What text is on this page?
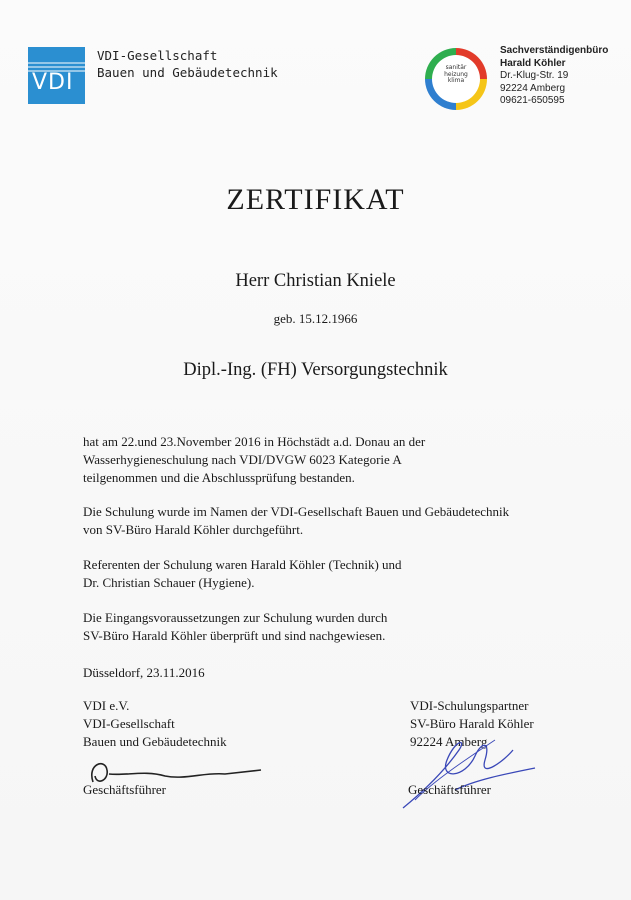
VDI
VDI-Gesellschaft
Bauen und Gebäudetechnik	sanitär
heizung
klima
Sachverständigenbüro
Harald Köhler
Dr.-Klug-Str. 19
92224 Amberg
09621-650595
ZERTIFIKAT
Herr Christian Kniele
geb. 15.12.1966
Dipl.-Ing. (FH) Versorgungstechnik
hat am 22.und 23.November 2016 in Höchstädt a.d. Donau an der
Wasserhygieneschulung nach VDI/DVGW 6023 Kategorie A
teilgenommen und die Abschlussprüfung bestanden.
Die Schulung wurde im Namen der VDI-Gesellschaft Bauen und Gebäudetechnik
von SV-Büro Harald Köhler durchgeführt.
Referenten der Schulung waren Harald Köhler (Technik) und
Dr. Christian Schauer (Hygiene).
Die Eingangsvoraussetzungen zur Schulung wurden durch
SV-Büro Harald Köhler überprüft und sind nachgewiesen.
Düsseldorf, 23.11.2016
VDI e.V.
VDI-Gesellschaft
Bauen und Gebäudetechnik
Geschäftsführer
VDI-Schulungspartner
SV-Büro Harald Köhler
92224 Amberg
Geschäftsführer
